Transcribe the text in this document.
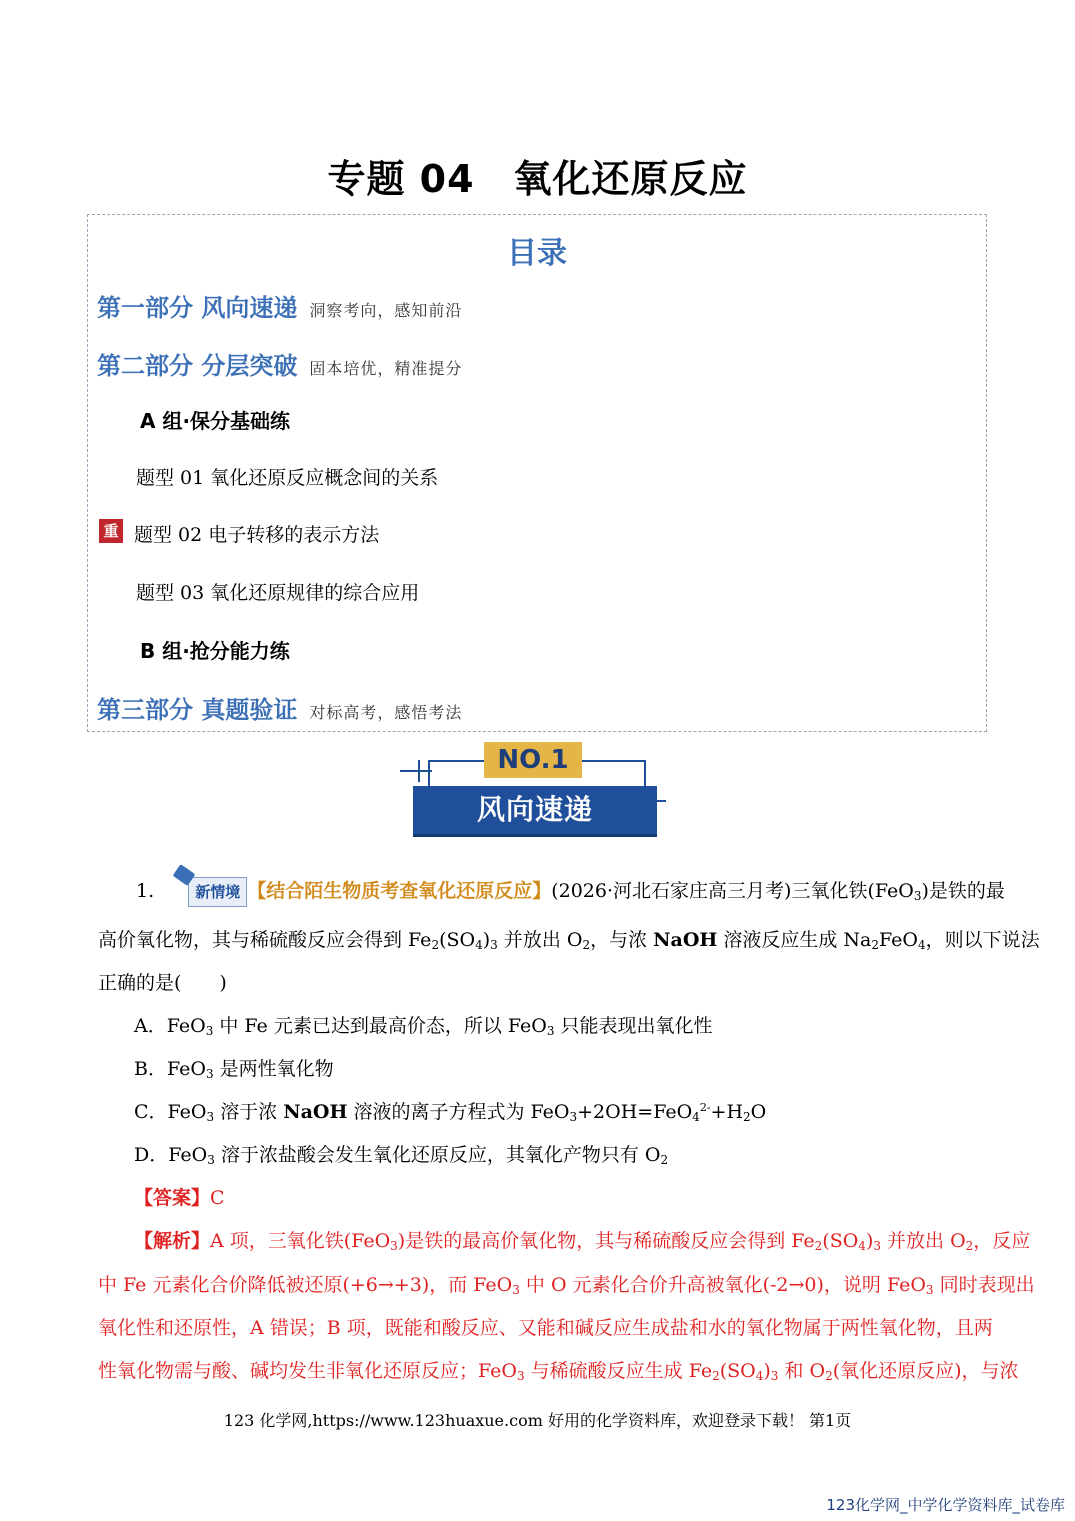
专题 04　氧化还原反应
目录
第一部分 风向速递 洞察考向，感知前沿
第二部分 分层突破 固本培优，精准提分
A 组·保分基础练
题型 01 氧化还原反应概念间的关系
重 题型 02 电子转移的表示方法
题型 03 氧化还原规律的综合应用
B 组·抢分能力练
第三部分 真题验证 对标高考，感悟考法
风向速递
NO.1
1.	新情境 【结合陌生物质考查氧化还原反应】(2026·河北石家庄高三月考)三氧化铁(FeO$_3$)是铁的最
高价氧化物，其与稀硫酸反应会得到 $Fe_2(SO_4)_3$ 并放出 $O_2$，与浓 NaOH 溶液反应生成 $Na_2FeO_4$，则以下说法
正确的是(　　)
A．FeO$_3$ 中 Fe 元素已达到最高价态，所以 FeO$_3$ 只能表现出氧化性
B．FeO$_3$ 是两性氧化物
C．FeO$_3$ 溶于浓 NaOH 溶液的离子方程式为 $FeO_3+2OH=FeO_4^{2-}+H_2O$
D．FeO$_3$ 溶于浓盐酸会发生氧化还原反应，其氧化产物只有 $O_2$
【答案】C
【解析】A 项，三氧化铁(FeO$_3$)是铁的最高价氧化物，其与稀硫酸反应会得到 $Fe_2(SO_4)_3$ 并放出 $O_2$，反应
中 Fe 元素化合价降低被还原(+6→+3)，而 FeO$_3$ 中 O 元素化合价升高被氧化(-2→0)，说明 FeO$_3$ 同时表现出
氧化性和还原性，A 错误；B 项，既能和酸反应、又能和碱反应生成盐和水的氧化物属于两性氧化物，且两
性氧化物需与酸、碱均发生非氧化还原反应；FeO$_3$ 与稀硫酸反应生成 $Fe_2(SO_4)_3$ 和 $O_2$(氧化还原反应)，与浓
123 化学网,https://www.123huaxue.com 好用的化学资料库，欢迎登录下载！ 第1页
123化学网_中学化学资料库_试卷库
